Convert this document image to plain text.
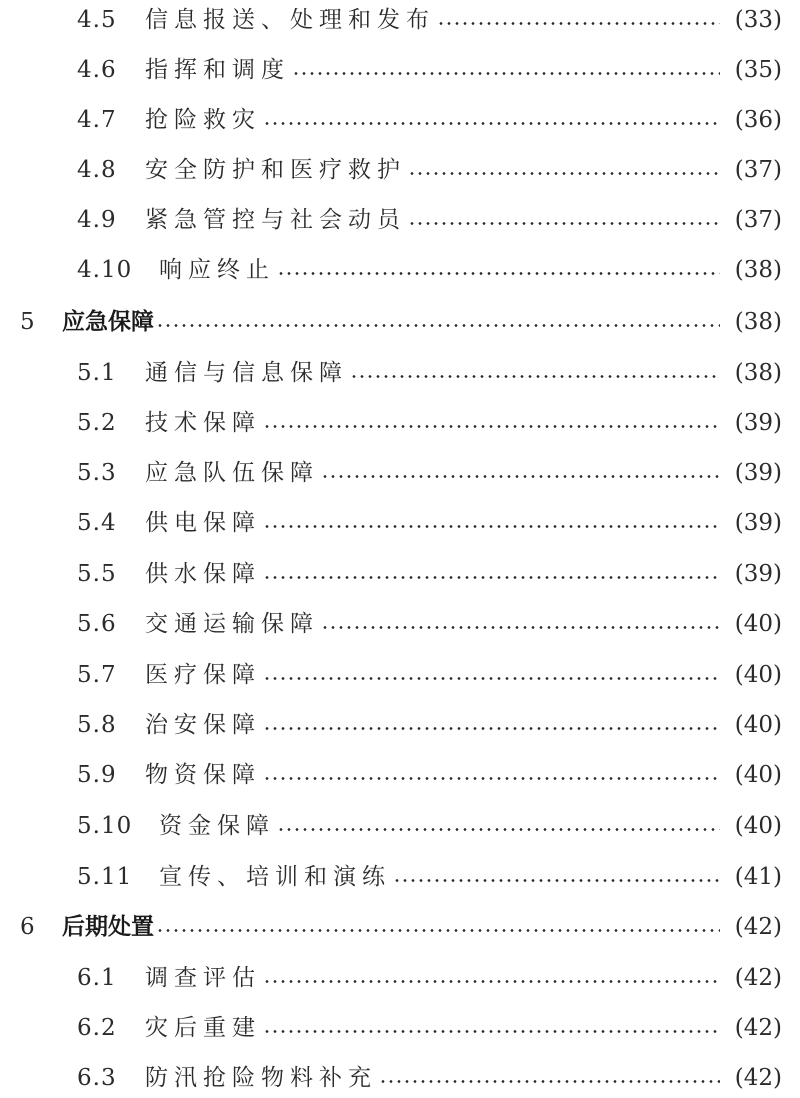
4.5	信息报送、处理和发布	(33)
4.6	指挥和调度	(35)
4.7	抢险救灾	(36)
4.8	安全防护和医疗救护	(37)
4.9	紧急管控与社会动员	(37)
4.10	响应终止	(38)
5	应急保障	(38)
5.1	通信与信息保障	(38)
5.2	技术保障	(39)
5.3	应急队伍保障	(39)
5.4	供电保障	(39)
5.5	供水保障	(39)
5.6	交通运输保障	(40)
5.7	医疗保障	(40)
5.8	治安保障	(40)
5.9	物资保障	(40)
5.10	资金保障	(40)
5.11	宣传、培训和演练	(41)
6	后期处置	(42)
6.1	调查评估	(42)
6.2	灾后重建	(42)
6.3	防汛抢险物料补充	(42)
